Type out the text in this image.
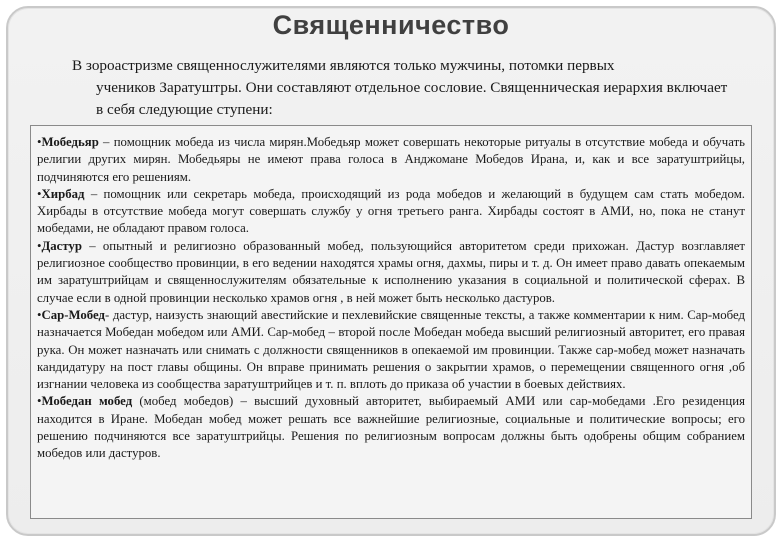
Священничество

В зороастризме священнослужителями являются только мужчины, потомки первых
учеников Заратуштры. Они составляют отдельное сословие. Священническая иерархия включает в себя следующие ступени:

•Мобедьяр – помощник мобеда из числа мирян.Мобедьяр может совершать некоторые ритуалы в отсутствие мобеда и обучать религии других мирян. Мобедьяры не имеют права голоса в Анджомане Мобедов Ирана, и, как и все заратуштрийцы, подчиняются его решениям.

•Хирбад – помощник или секретарь мобеда, происходящий из рода мобедов и желающий в будущем сам стать мобедом. Хирбады в отсутствие мобеда могут совершать службу у огня третьего ранга. Хирбады состоят в АМИ, но, пока не станут мобедами, не обладают правом голоса.

•Дастур – опытный и религиозно образованный мобед, пользующийся авторитетом среди прихожан. Дастур возглавляет религиозное сообщество провинции, в его ведении находятся храмы огня, дахмы, пиры и т. д. Он имеет право давать опекаемым им заратуштрийцам и священнослужителям обязательные к исполнению указания в социальной и политической сферах. В случае если в одной провинции несколько храмов огня , в ней может быть несколько дастуров.

•Сар-Мобед- дастур, наизусть знающий авестийские и пехлевийские священные тексты, а также комментарии к ним. Сар-мобед назначается Мобедан мобедом или АМИ. Сар-мобед – второй после Мобедан мобеда высший религиозный авторитет, его правая рука. Он может назначать или снимать с должности священников в опекаемой им провинции. Также сар-мобед может назначать кандидатуру на пост главы общины. Он вправе принимать решения о закрытии храмов, о перемещении священного огня ,об изгнании человека из сообщества заратуштрийцев и т. п. вплоть до приказа об участии в боевых действиях.

•Мобедан мобед (мобед мобедов) – высший духовный авторитет, выбираемый АМИ или сар-мобедами .Его резиденция находится в Иране. Мобедан мобед может решать все важнейшие религиозные, социальные и политические вопросы; его решению подчиняются все заратуштрийцы. Решения по религиозным вопросам должны быть одобрены общим собранием мобедов или дастуров.
